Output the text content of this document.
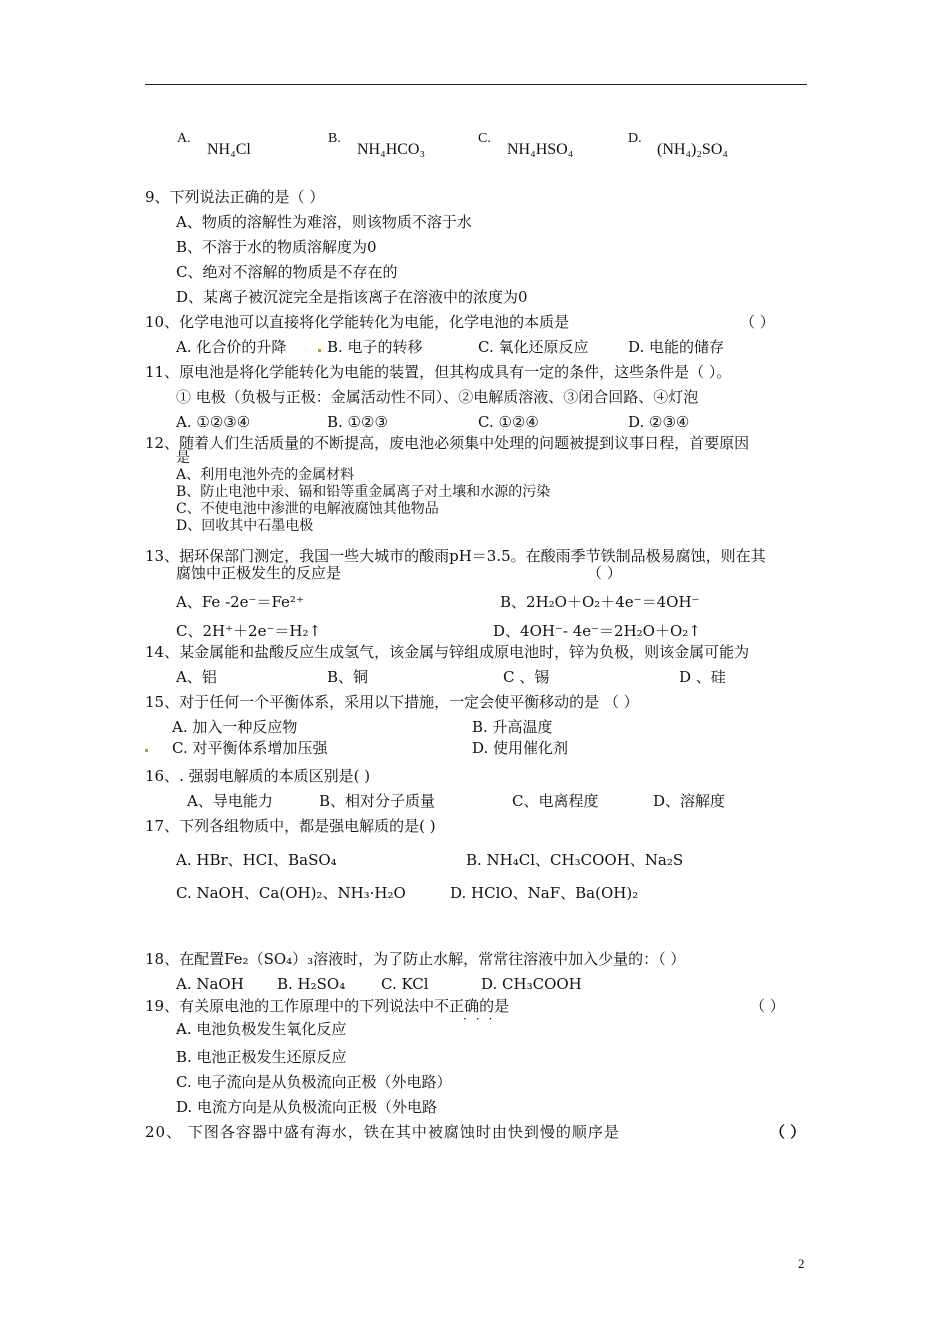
A.
NH₄Cl
B.
NH₄HCO₃
C.
NH₄HSO₄
D.
(NH₄)₂SO₄
9、下列说法正确的是（ ）
A、物质的溶解性为难溶，则该物质不溶于水
B、不溶于水的物质溶解度为0
C、绝对不溶解的物质是不存在的
D、某离子被沉淀完全是指该离子在溶液中的浓度为0
10、化学电池可以直接将化学能转化为电能，化学电池的本质是	（ ）
A. 化合价的升降	B. 电子的转移	C. 氧化还原反应	D. 电能的储存
11、原电池是将化学能转化为电能的装置，但其构成具有一定的条件，这些条件是（ ）。
① 电极（负极与正极：金属活动性不同）、②电解质溶液、③闭合回路、④灯泡
A. ①②③④	B. ①②③	C. ①②④	D. ②③④
12、随着人们生活质量的不断提高，废电池必须集中处理的问题被提到议事日程，首要原因
是
A、利用电池外壳的金属材料
B、防止电池中汞、镉和铅等重金属离子对土壤和水源的污染
C、不使电池中渗泄的电解液腐蚀其他物品
D、回收其中石墨电极
13、据环保部门测定，我国一些大城市的酸雨pH＝3.5。在酸雨季节铁制品极易腐蚀，则在其
腐蚀中正极发生的反应是	（ ）
A、Fe -2e⁻＝Fe²⁺	B、2H₂O＋O₂＋4e⁻＝4OH⁻
C、2H⁺＋2e⁻＝H₂↑	D、4OH⁻- 4e⁻＝2H₂O＋O₂↑
14、某金属能和盐酸反应生成氢气，该金属与锌组成原电池时，锌为负极，则该金属可能为
A、铝	B、铜	C 、锡	D 、硅
15、对于任何一个平衡体系，采用以下措施，一定会使平衡移动的是 （ ）
A. 加入一种反应物	B. 升高温度
C. 对平衡体系增加压强	D. 使用催化剂
16、. 强弱电解质的本质区别是( )
A、导电能力	B、相对分子质量	C、电离程度	D、溶解度
17、下列各组物质中，都是强电解质的是( )
A. HBr、HCI、BaSO₄	B. NH₄Cl、CH₃COOH、Na₂S
C. NaOH、Ca(OH)₂、NH₃·H₂O	D. HClO、NaF、Ba(OH)₂
18、在配置Fe₂（SO₄）₃溶液时，为了防止水解，常常往溶液中加入少量的：（ ）
A. NaOH B. H₂SO₄ C. KCl	D. CH₃COOH
19、有关原电池的工作原理中的下列说法中不正确的是
···
（ ）
A. 电池负极发生氧化反应
B. 电池正极发生还原反应
C. 电子流向是从负极流向正极（外电路）
D. 电流方向是从负极流向正极（外电路
20、 下图各容器中盛有海水，铁在其中被腐蚀时由快到慢的顺序是	（ ）
2
